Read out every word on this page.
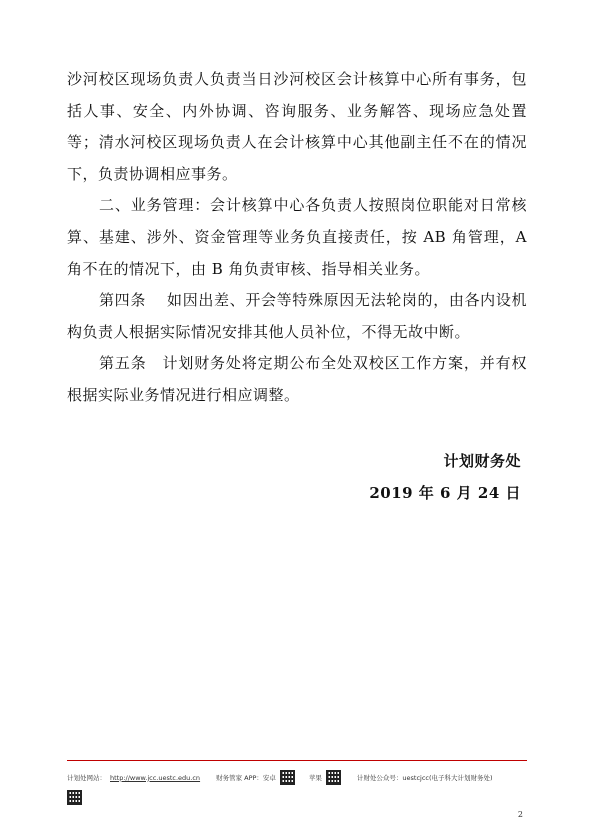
沙河校区现场负责人负责当日沙河校区会计核算中心所有事务，包括人事、安全、内外协调、咨询服务、业务解答、现场应急处置等；清水河校区现场负责人在会计核算中心其他副主任不在的情况下，负责协调相应事务。

二、业务管理：会计核算中心各负责人按照岗位职能对日常核算、基建、涉外、资金管理等业务负直接责任，按 AB 角管理，A 角不在的情况下，由 B 角负责审核、指导相关业务。

第四条　 如因出差、开会等特殊原因无法轮岗的，由各内设机构负责人根据实际情况安排其他人员补位，不得无故中断。

第五条　计划财务处将定期公布全处双校区工作方案，并有权根据实际业务情况进行相应调整。

计划财务处
2019 年 6 月 24 日
计划处网站： http://www.jcc.uestc.edu.cn 财务管家 APP：安卓	苹果	计财处公众号：uestcjcc(电子科大计划财务处)
2
